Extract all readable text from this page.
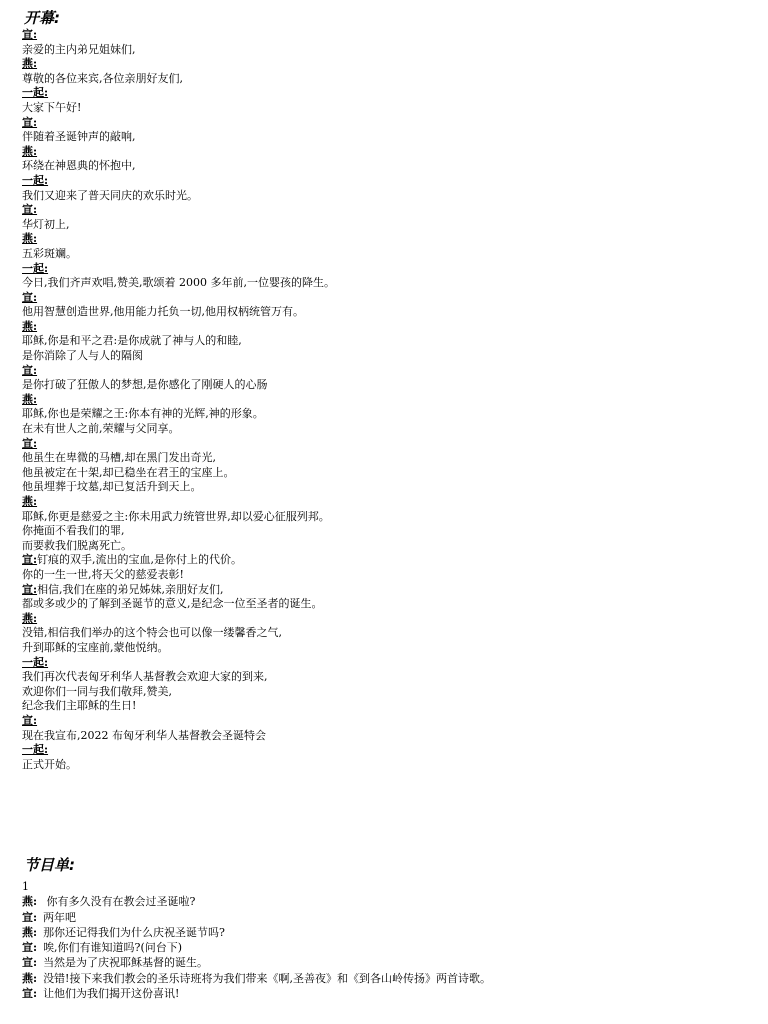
开幕:
宣:
亲爱的主内弟兄姐妹们,
燕:
尊敬的各位来宾,各位亲朋好友们,
一起:
大家下午好!
宣:
伴随着圣诞钟声的敲响,
燕:
环绕在神恩典的怀抱中,
一起:
我们又迎来了普天同庆的欢乐时光。
宣:
华灯初上,
燕:
五彩斑斓。
一起:
今日,我们齐声欢唱,赞美,歌颂着 2000 多年前,一位婴孩的降生。
宣:
他用智慧创造世界,他用能力托负一切,他用权柄统管万有。
燕:
耶稣,你是和平之君:是你成就了神与人的和睦,
是你消除了人与人的隔阂
宣:
是你打破了狂傲人的梦想,是你感化了刚硬人的心肠
燕:
耶稣,你也是荣耀之王:你本有神的光辉,神的形象。
在未有世人之前,荣耀与父同享。
宣:
他虽生在卑微的马槽,却在黑门发出奇光,
他虽被定在十架,却已稳坐在君王的宝座上。
他虽埋葬于坟墓,却已复活升到天上。
燕:
耶稣,你更是慈爱之主:你未用武力统管世界,却以爱心征服列邦。
你掩面不看我们的罪,
而要救我们脱离死亡。
宣:钉痕的双手,流出的宝血,是你付上的代价。
你的一生一世,将天父的慈爱表彰!
宣:相信,我们在座的弟兄姊妹,亲朋好友们,
都或多或少的了解到圣诞节的意义,是纪念一位至圣者的诞生。
燕:
没错,相信我们举办的这个特会也可以像一缕馨香之气,
升到耶稣的宝座前,蒙他悦纳。
一起:
我们再次代表匈牙利华人基督教会欢迎大家的到来,
欢迎你们一同与我们敬拜,赞美,
纪念我们主耶稣的生日!
宣:
现在我宣布,2022 布匈牙利华人基督教会圣诞特会
一起:
正式开始。
节目单:
1
燕: 你有多久没有在教会过圣诞啦?
宣: 两年吧
燕: 那你还记得我们为什么庆祝圣诞节吗?
宣: 唉,你们有谁知道吗?(问台下)
宣: 当然是为了庆祝耶稣基督的诞生。
燕: 没错!接下来我们教会的圣乐诗班将为我们带来《啊,圣善夜》和《到各山岭传扬》两首诗歌。
宣: 让他们为我们揭开这份喜讯!
